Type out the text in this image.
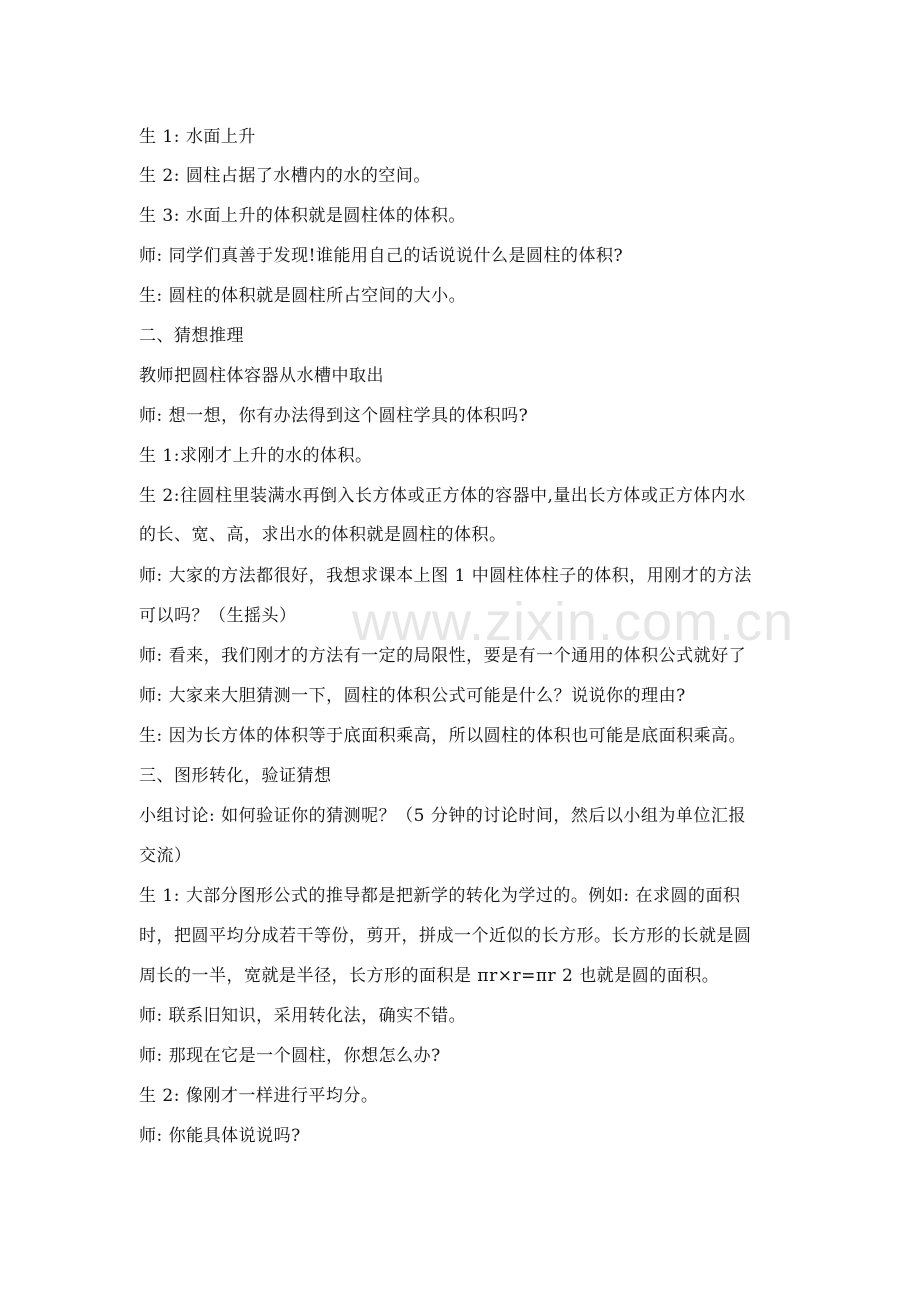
www.zixin.com.cn
生 1: 水面上升
生 2: 圆柱占据了水槽内的水的空间。
生 3: 水面上升的体积就是圆柱体的体积。
师: 同学们真善于发现!谁能用自己的话说说什么是圆柱的体积?
生: 圆柱的体积就是圆柱所占空间的大小。
二、猜想推理
教师把圆柱体容器从水槽中取出
师: 想一想，你有办法得到这个圆柱学具的体积吗?
生 1:求刚才上升的水的体积。
生 2:往圆柱里装满水再倒入长方体或正方体的容器中,量出长方体或正方体内水
的长、宽、高，求出水的体积就是圆柱的体积。
师: 大家的方法都很好，我想求课本上图 1 中圆柱体柱子的体积，用刚才的方法
可以吗？（生摇头）
师: 看来，我们刚才的方法有一定的局限性，要是有一个通用的体积公式就好了
师: 大家来大胆猜测一下，圆柱的体积公式可能是什么？说说你的理由?
生: 因为长方体的体积等于底面积乘高，所以圆柱的体积也可能是底面积乘高。
三、图形转化，验证猜想
小组讨论: 如何验证你的猜测呢？（5 分钟的讨论时间，然后以小组为单位汇报
交流）
生 1: 大部分图形公式的推导都是把新学的转化为学过的。例如: 在求圆的面积
时，把圆平均分成若干等份，剪开，拼成一个近似的长方形。长方形的长就是圆
周长的一半，宽就是半径，长方形的面积是 πr×r=πr 2 也就是圆的面积。
师: 联系旧知识，采用转化法，确实不错。
师: 那现在它是一个圆柱，你想怎么办?
生 2: 像刚才一样进行平均分。
师: 你能具体说说吗?
